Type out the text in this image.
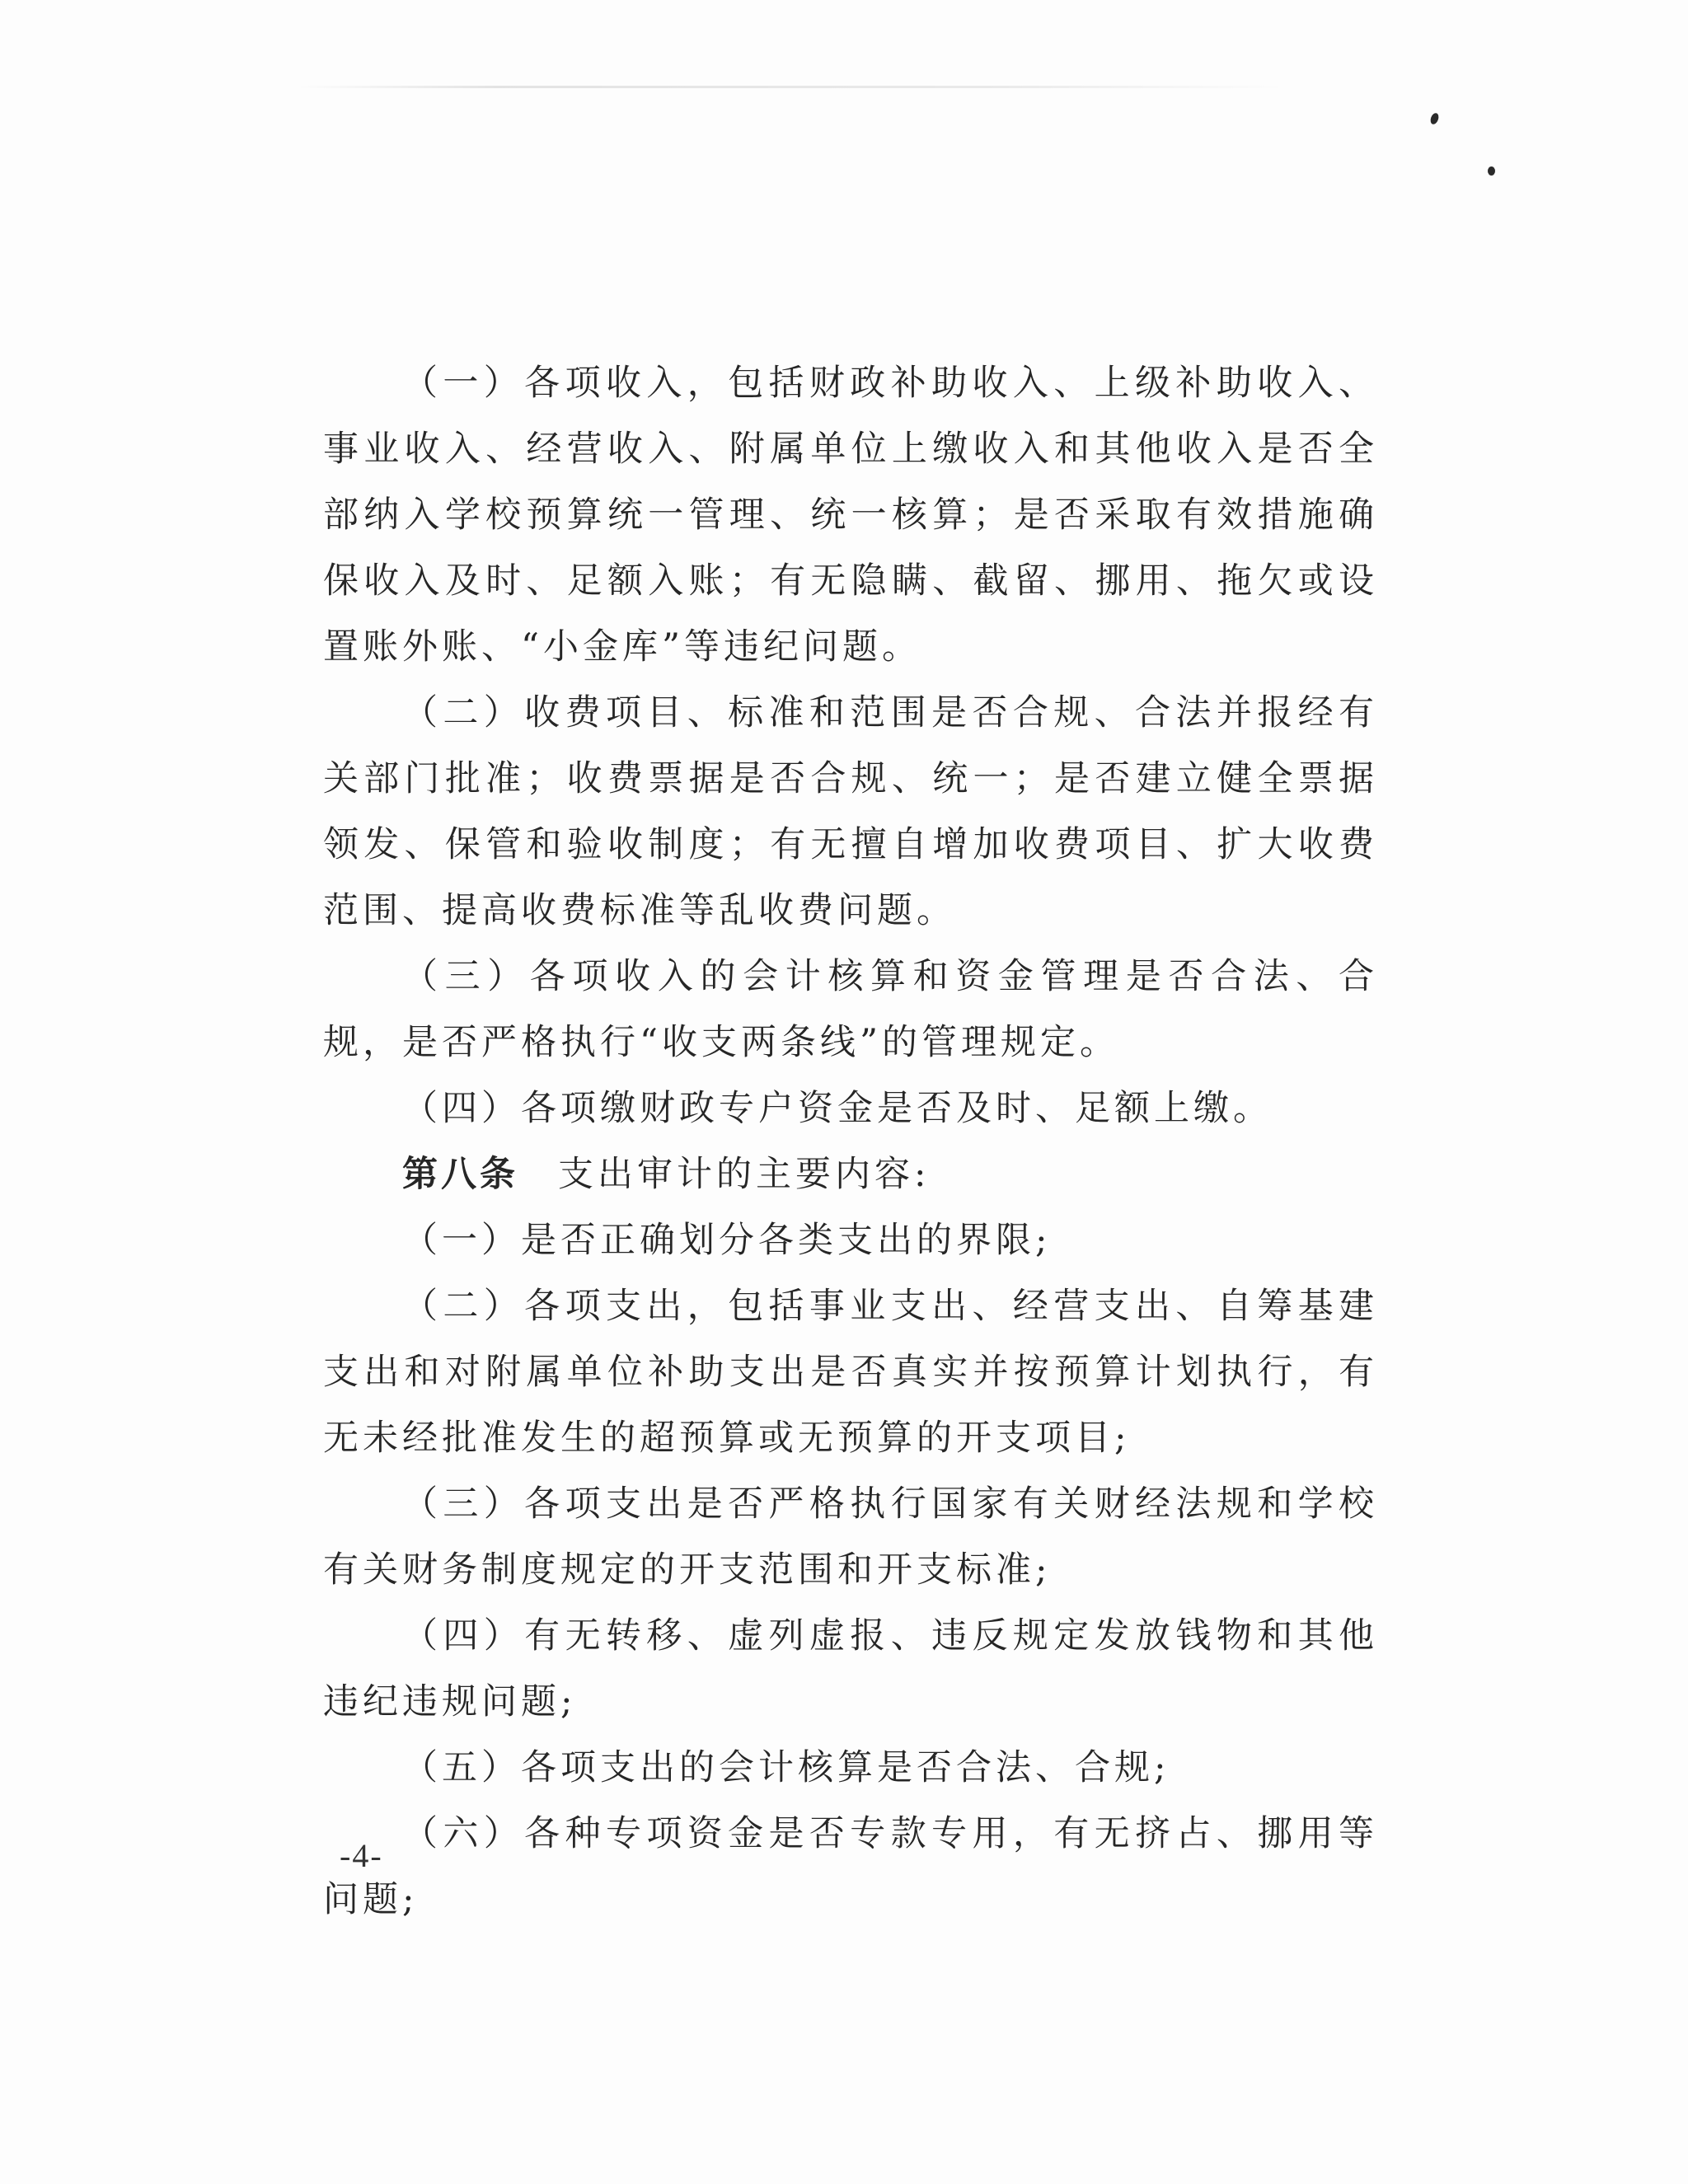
（一）各项收入，包括财政补助收入、上级补助收入、事业收入、经营收入、附属单位上缴收入和其他收入是否全部纳入学校预算统一管理、统一核算；是否采取有效措施确保收入及时、足额入账；有无隐瞒、截留、挪用、拖欠或设置账外账、“小金库”等违纪问题。

（二）收费项目、标准和范围是否合规、合法并报经有关部门批准；收费票据是否合规、统一；是否建立健全票据领发、保管和验收制度；有无擅自增加收费项目、扩大收费范围、提高收费标准等乱收费问题。

（三）各项收入的会计核算和资金管理是否合法、合规，是否严格执行“收支两条线”的管理规定。

（四）各项缴财政专户资金是否及时、足额上缴。

第八条 支出审计的主要内容:

（一）是否正确划分各类支出的界限;

（二）各项支出，包括事业支出、经营支出、自筹基建支出和对附属单位补助支出是否真实并按预算计划执行，有无未经批准发生的超预算或无预算的开支项目;

（三）各项支出是否严格执行国家有关财经法规和学校有关财务制度规定的开支范围和开支标准;

（四）有无转移、虚列虚报、违反规定发放钱物和其他违纪违规问题;

（五）各项支出的会计核算是否合法、合规;

（六）各种专项资金是否专款专用，有无挤占、挪用等问题;

-4-
